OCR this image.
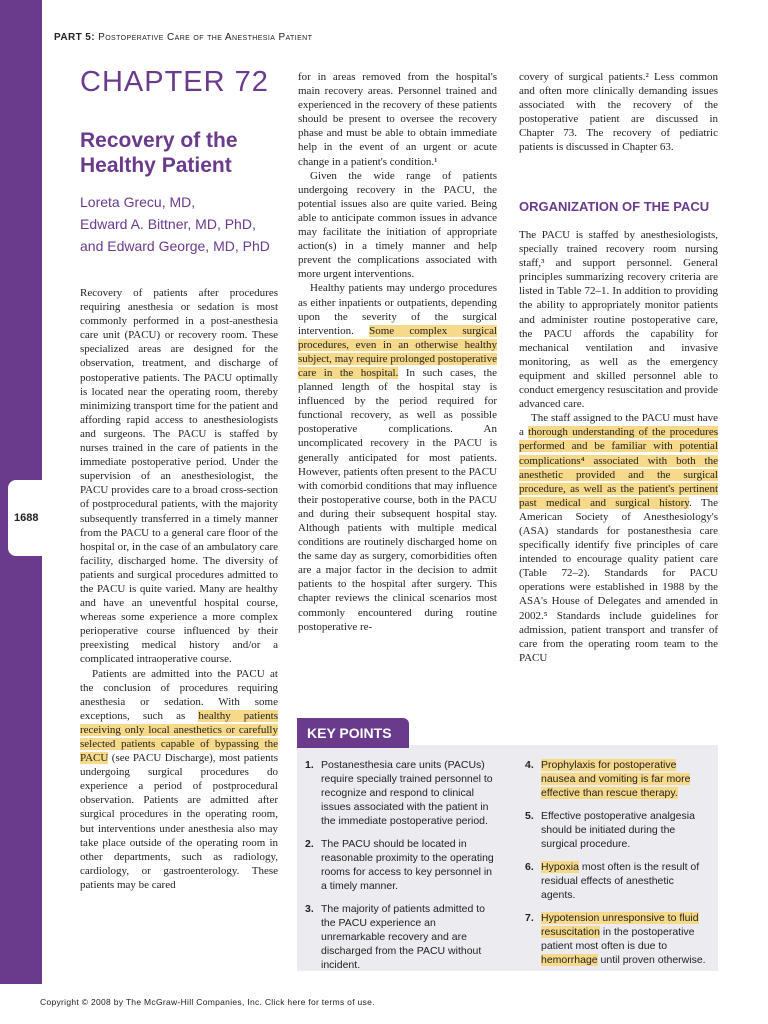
1688
PART 5: Postoperative Care of the Anesthesia Patient
CHAPTER 72
Recovery of the Healthy Patient
Loreta Grecu, MD,
Edward A. Bittner, MD, PhD,
and Edward George, MD, PhD

Recovery of patients after procedures requiring anesthesia or sedation is most commonly performed in a post-anesthesia care unit (PACU) or recovery room. These specialized areas are designed for the observation, treatment, and discharge of postoperative patients. The PACU optimally is located near the operating room, thereby minimizing transport time for the patient and affording rapid access to anesthesiologists and surgeons. The PACU is staffed by nurses trained in the care of patients in the immediate postoperative period. Under the supervision of an anesthesiologist, the PACU provides care to a broad cross-section of postprocedural patients, with the majority subsequently transferred in a timely manner from the PACU to a general care floor of the hospital or, in the case of an ambulatory care facility, discharged home. The diversity of patients and surgical procedures admitted to the PACU is quite varied. Many are healthy and have an uneventful hospital course, whereas some experience a more complex perioperative course influenced by their preexisting medical history and/or a complicated intraoperative course.

Patients are admitted into the PACU at the conclusion of procedures requiring anesthesia or sedation. With some exceptions, such as healthy patients receiving only local anesthetics or carefully selected patients capable of bypassing the PACU (see PACU Discharge), most patients undergoing surgical procedures do experience a period of postprocedural observation. Patients are admitted after surgical procedures in the operating room, but interventions under anesthesia also may take place outside of the operating room in other departments, such as radiology, cardiology, or gastroenterology. These patients may be cared

for in areas removed from the hospital's main recovery areas. Personnel trained and experienced in the recovery of these patients should be present to oversee the recovery phase and must be able to obtain immediate help in the event of an urgent or acute change in a patient's condition.¹

Given the wide range of patients undergoing recovery in the PACU, the potential issues also are quite varied. Being able to anticipate common issues in advance may facilitate the initiation of appropriate action(s) in a timely manner and help prevent the complications associated with more urgent interventions.

Healthy patients may undergo procedures as either inpatients or outpatients, depending upon the severity of the surgical intervention. Some complex surgical procedures, even in an otherwise healthy subject, may require prolonged postoperative care in the hospital. In such cases, the planned length of the hospital stay is influenced by the period required for functional recovery, as well as possible postoperative complications. An uncomplicated recovery in the PACU is generally anticipated for most patients. However, patients often present to the PACU with comorbid conditions that may influence their postoperative course, both in the PACU and during their subsequent hospital stay. Although patients with multiple medical conditions are routinely discharged home on the same day as surgery, comorbidities often are a major factor in the decision to admit patients to the hospital after surgery. This chapter reviews the clinical scenarios most commonly encountered during routine postoperative re-

covery of surgical patients.² Less common and often more clinically demanding issues associated with the recovery of the postoperative patient are discussed in Chapter 73. The recovery of pediatric patients is discussed in Chapter 63.

ORGANIZATION OF THE PACU

The PACU is staffed by anesthesiologists, specially trained recovery room nursing staff,³ and support personnel. General principles summarizing recovery criteria are listed in Table 72–1. In addition to providing the ability to appropriately monitor patients and administer routine postoperative care, the PACU affords the capability for mechanical ventilation and invasive monitoring, as well as the emergency equipment and skilled personnel able to conduct emergency resuscitation and provide advanced care.

The staff assigned to the PACU must have a thorough understanding of the procedures performed and be familiar with potential complications⁴ associated with both the anesthetic provided and the surgical procedure, as well as the patient's pertinent past medical and surgical history. The American Society of Anesthesiology's (ASA) standards for postanesthesia care specifically identify five principles of care intended to encourage quality patient care (Table 72–2). Standards for PACU operations were established in 1988 by the ASA's House of Delegates and amended in 2002.⁵ Standards include guidelines for admission, patient transport and transfer of care from the operating room team to the PACU

KEY POINTS
1. Postanesthesia care units (PACUs) require specially trained personnel to recognize and respond to clinical issues associated with the patient in the immediate postoperative period.
2. The PACU should be located in reasonable proximity to the operating rooms for access to key personnel in a timely manner.
3. The majority of patients admitted to the PACU experience an unremarkable recovery and are discharged from the PACU without incident.
4. Prophylaxis for postoperative nausea and vomiting is far more effective than rescue therapy.
5. Effective postoperative analgesia should be initiated during the surgical procedure.
6. Hypoxia most often is the result of residual effects of anesthetic agents.
7. Hypotension unresponsive to fluid resuscitation in the postoperative patient most often is due to hemorrhage until proven otherwise.
Copyright © 2008 by The McGraw-Hill Companies, Inc. Click here for terms of use.
